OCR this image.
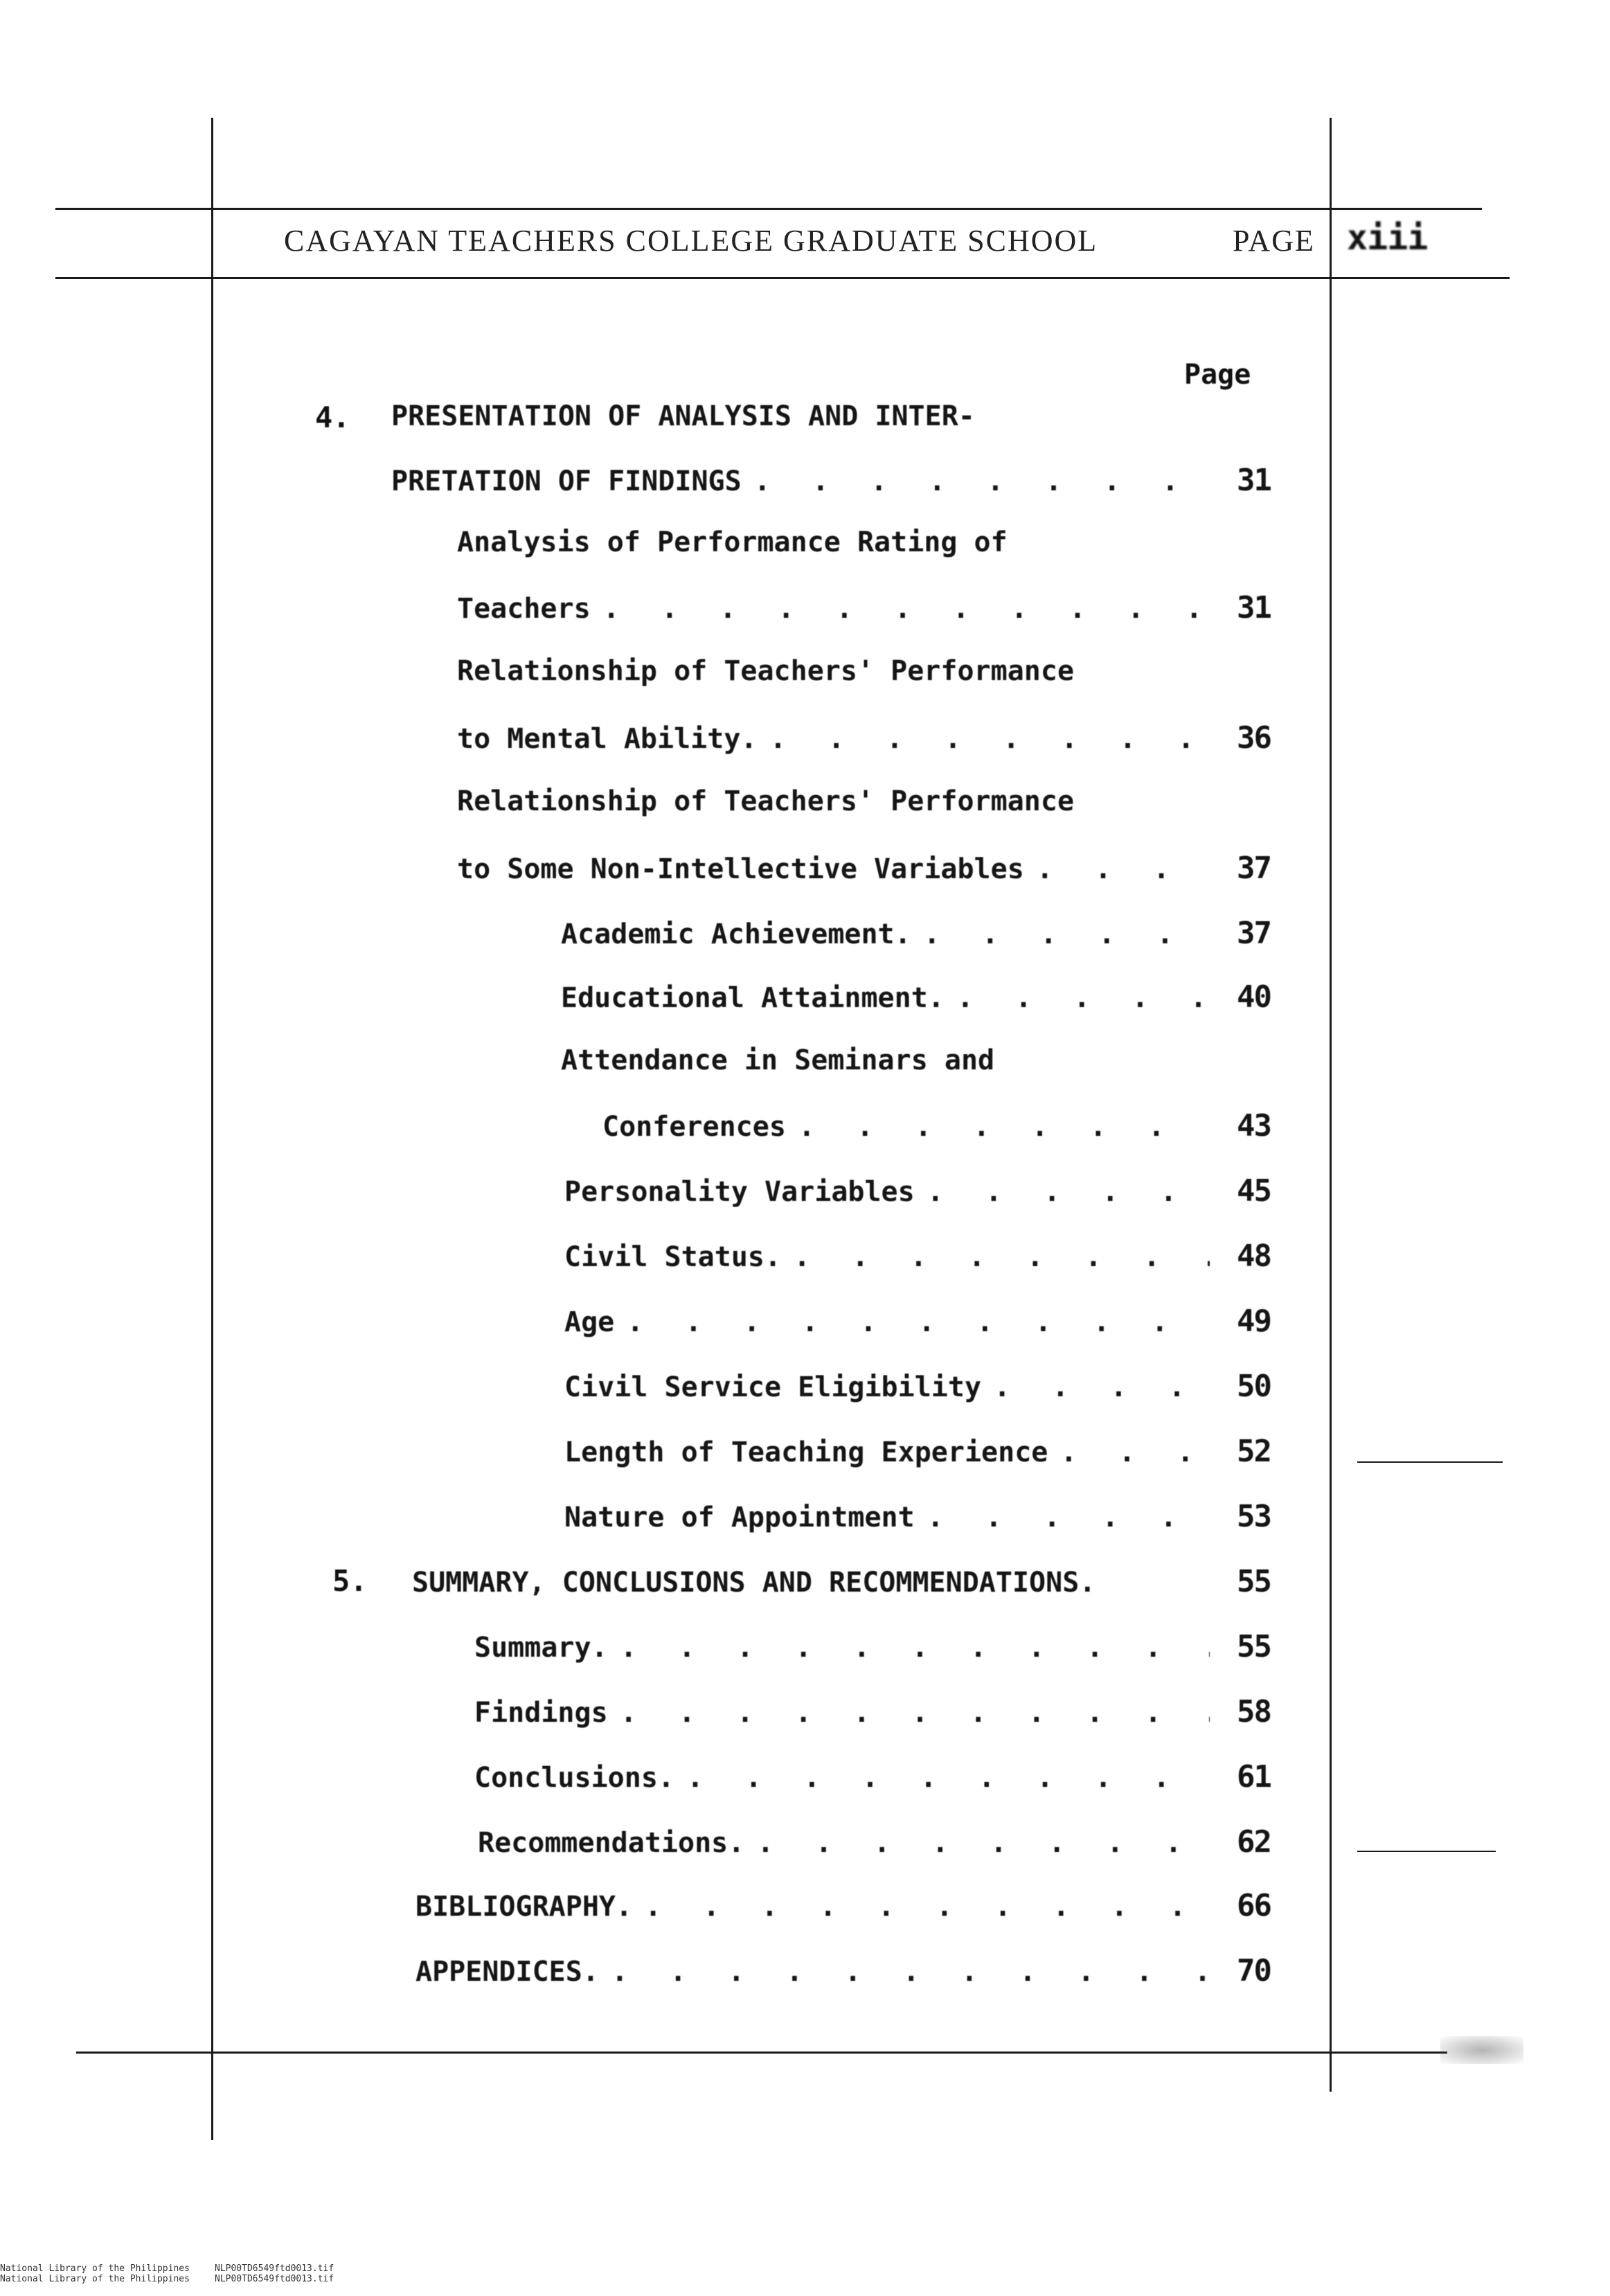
CAGAYAN TEACHERS COLLEGE GRADUATE SCHOOL	PAGE xiii
Page
4. PRESENTATION OF ANALYSIS AND INTER-
PRETATION OF FINDINGS . . .	31
Analysis of Performance Rating of
Teachers . . .	31
Relationship of Teachers' Performance
to Mental Ability. . . .	36
Relationship of Teachers' Performance
to Some Non-Intellective Variables . . .	37
Academic Achievement. . . .	37
Educational Attainment. . . .	40
Attendance in Seminars and
Conferences . . .	43
Personality Variables . . .	45
Civil Status. . . .	48
Age . . .	49
Civil Service Eligibility . . .	50
Length of Teaching Experience . . .	52
Nature of Appointment . . .	53
5. SUMMARY, CONCLUSIONS AND RECOMMENDATIONS.	55
Summary. . . .	55
Findings . . .	58
Conclusions. . . .	61
Recommendations. . . .	62
BIBLIOGRAPHY. . . .	66
APPENDICES. . . .	70
National Library of the Philippines
National Library of the Philippines
NLP00TD6549ftd0013.tif
NLP00TD6549ftd0013.tif
